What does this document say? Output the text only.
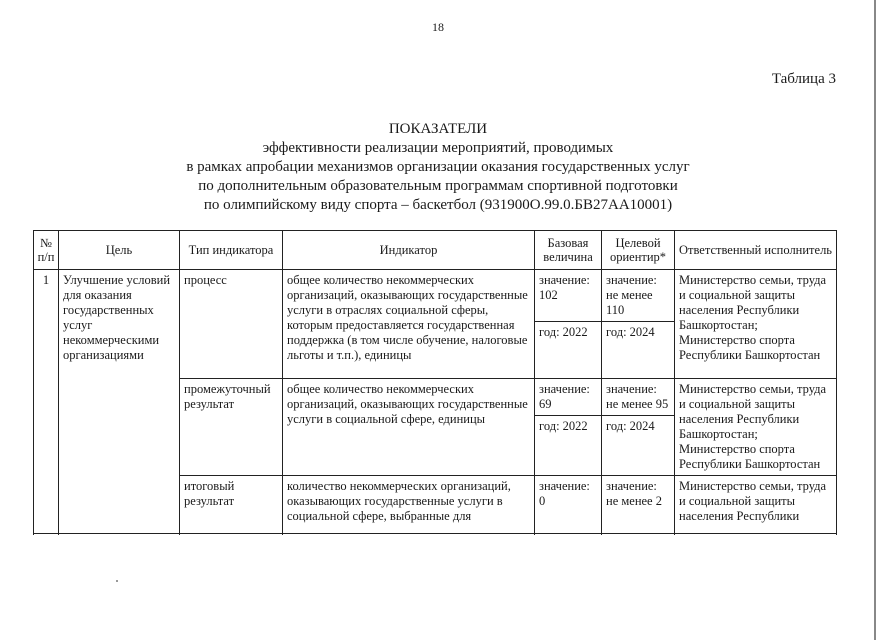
18
Таблица 3
ПОКАЗАТЕЛИ
эффективности реализации мероприятий, проводимых
в рамках апробации механизмов организации оказания государственных услуг
по дополнительным образовательным программам спортивной подготовки
по олимпийскому виду спорта – баскетбол (931900О.99.0.БВ27АА10001)
№ п/п	Цель	Тип индикатора	Индикатор	Базовая величина	Целевой ориентир*	Ответственный исполнитель
1	Улучшение условий для оказания государственных услуг некоммерческими организациями	процесс	общее количество некоммерческих организаций, оказывающих государственные услуги в отраслях социальной сферы, которым предоставляется государственная поддержка (в том числе обучение, налоговые льготы и т.п.), единицы	значение: 102	значение: не менее 110	Министерство семьи, труда и социальной защиты населения Республики Башкортостан; Министерство спорта Республики Башкортостан
				год: 2022	год: 2024	
		промежуточный результат	общее количество некоммерческих организаций, оказывающих государственные услуги в социальной сфере, единицы	значение: 69	значение: не менее 95	Министерство семьи, труда и социальной защиты населения Республики Башкортостан; Министерство спорта Республики Башкортостан
				год: 2022	год: 2024	
		итоговый результат	количество некоммерческих организаций, оказывающих государственные услуги в социальной сфере, выбранные для	значение: 0	значение: не менее 2	Министерство семьи, труда и социальной защиты населения Республики
